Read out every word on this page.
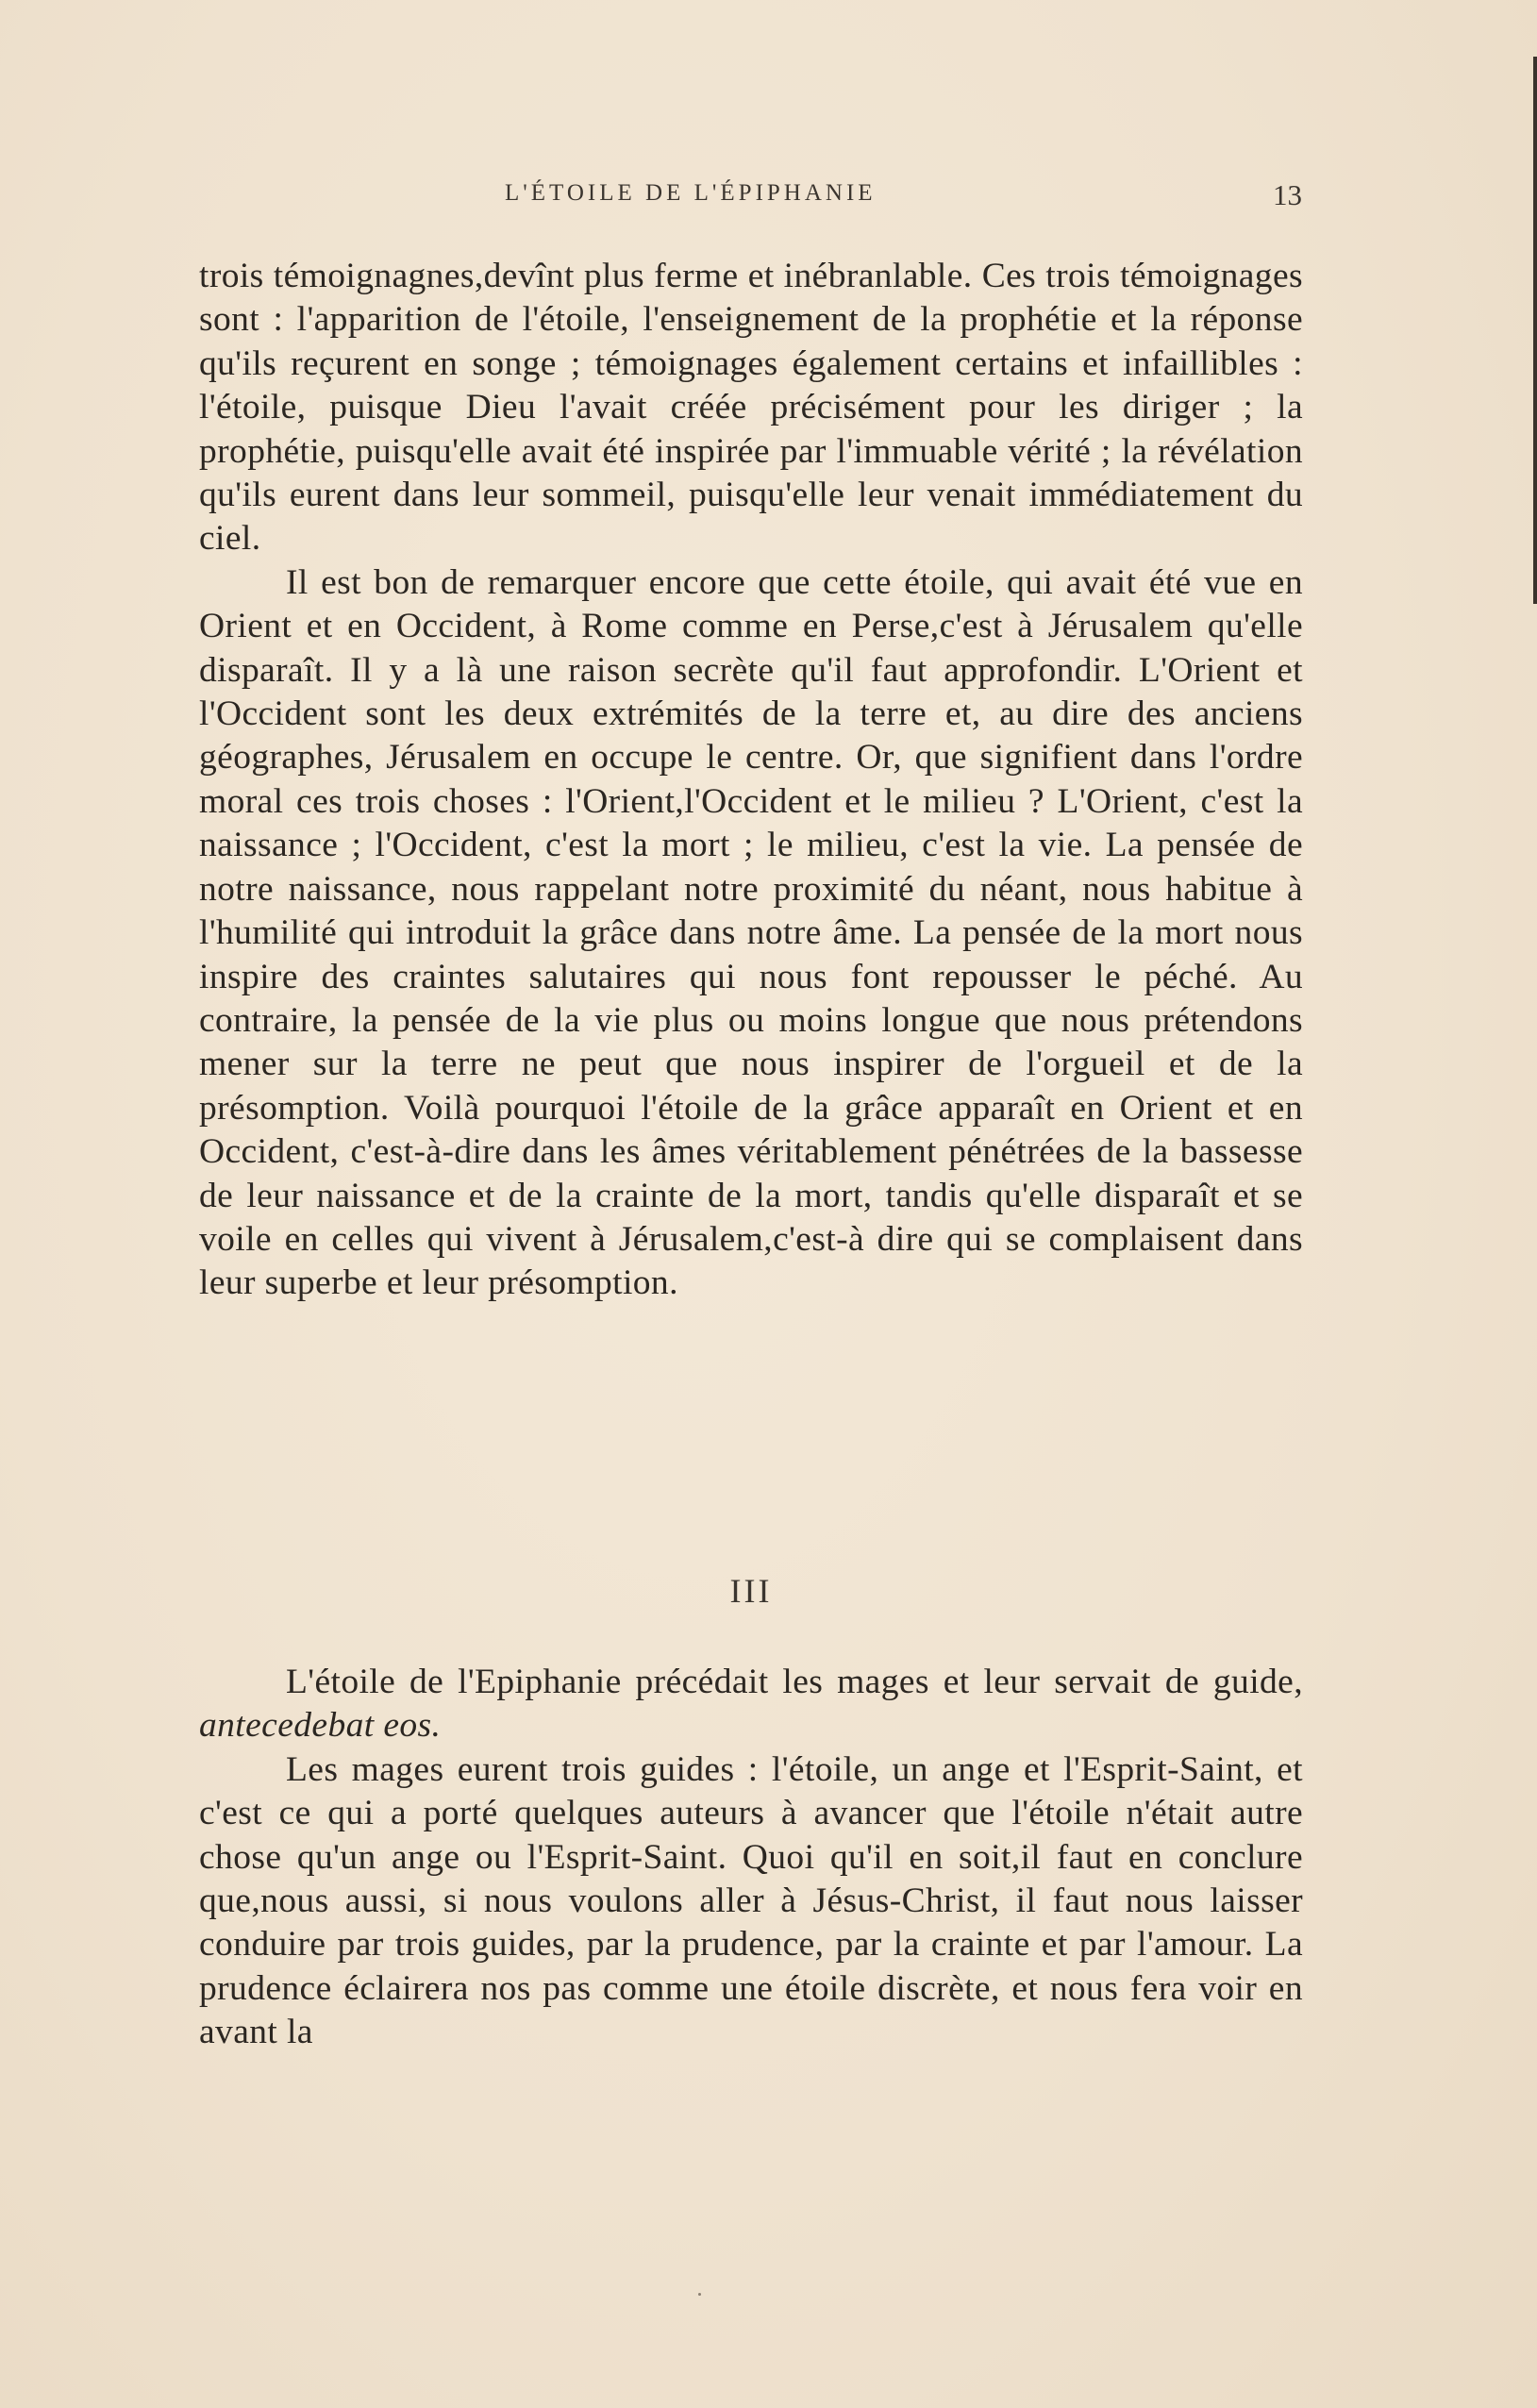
L'ÉTOILE DE L'ÉPIPHANIE	13

trois témoignagnes,devînt plus ferme et inébranlable. Ces trois témoignages sont : l'apparition de l'étoile, l'enseignement de la prophétie et la réponse qu'ils reçurent en songe ; témoignages également certains et infaillibles : l'étoile, puisque Dieu l'avait créée précisément pour les diriger ; la prophétie, puisqu'elle avait été inspirée par l'immuable vérité ; la révélation qu'ils eurent dans leur sommeil, puisqu'elle leur venait immédiatement du ciel.

Il est bon de remarquer encore que cette étoile, qui avait été vue en Orient et en Occident, à Rome comme en Perse,c'est à Jérusalem qu'elle disparaît. Il y a là une raison secrète qu'il faut approfondir. L'Orient et l'Occident sont les deux extrémités de la terre et, au dire des anciens géographes, Jérusalem en occupe le centre. Or, que signifient dans l'ordre moral ces trois choses : l'Orient,l'Occident et le milieu ? L'Orient, c'est la naissance ; l'Occident, c'est la mort ; le milieu, c'est la vie. La pensée de notre naissance, nous rappelant notre proximité du néant, nous habitue à l'humilité qui introduit la grâce dans notre âme. La pensée de la mort nous inspire des craintes salutaires qui nous font repousser le péché. Au contraire, la pensée de la vie plus ou moins longue que nous prétendons mener sur la terre ne peut que nous inspirer de l'orgueil et de la présomption. Voilà pourquoi l'étoile de la grâce apparaît en Orient et en Occident, c'est-à-dire dans les âmes véritablement pénétrées de la bassesse de leur naissance et de la crainte de la mort, tandis qu'elle disparaît et se voile en celles qui vivent à Jérusalem,c'est-à dire qui se complaisent dans leur superbe et leur présomption.

III

L'étoile de l'Epiphanie précédait les mages et leur servait de guide, antecedebat eos.

Les mages eurent trois guides : l'étoile, un ange et l'Esprit-Saint, et c'est ce qui a porté quelques auteurs à avancer que l'étoile n'était autre chose qu'un ange ou l'Esprit-Saint. Quoi qu'il en soit,il faut en conclure que,nous aussi, si nous voulons aller à Jésus-Christ, il faut nous laisser conduire par trois guides, par la prudence, par la crainte et par l'amour. La prudence éclairera nos pas comme une étoile discrète, et nous fera voir en avant la
